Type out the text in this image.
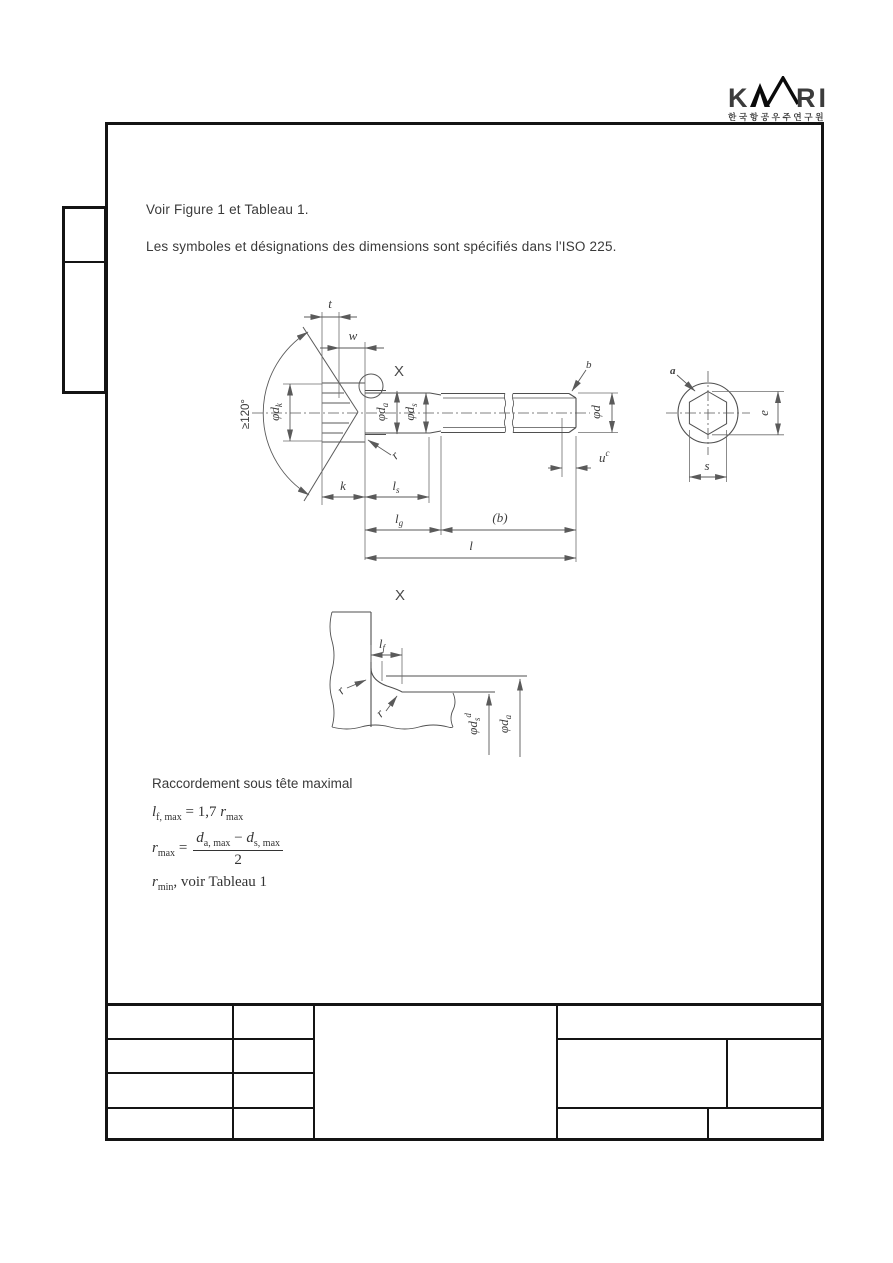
K RI
한국항공우주연구원
Voir Figure 1 et Tableau 1.
Les symboles et désignations des dimensions sont spécifiés dans l'ISO 225.
≥120°
t
w
$\varphi d_k$
$\varphi d_a$
$\varphi d_s$
r
X	b
φd
$u^c$
k	$l_s$
$l_g$	(b)
l
e
s
a
X
$l_f$
r
r
$\varphi d_s^d$
$\varphi d_a$
Raccordement sous tête maximal
$l_{f, max} = 1,7$ $r_{max}$
$r_{max} = \frac{d_{a, max} - d_{s, max}}{2}$
$r_{min}$, voir Tableau 1
